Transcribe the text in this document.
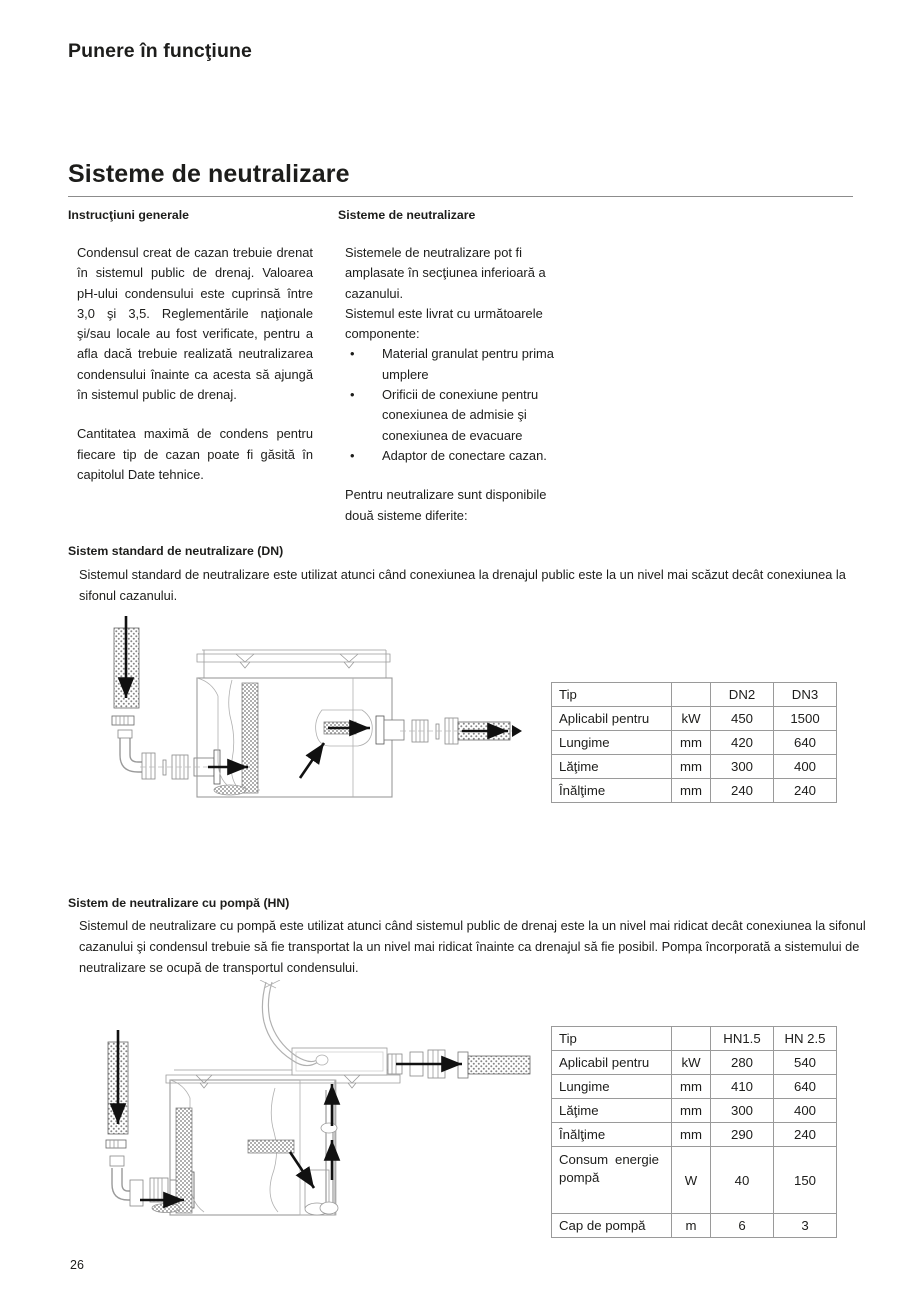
Punere în funcţiune
Sisteme de neutralizare
Instrucţiuni generale

Condensul creat de cazan trebuie drenat în sistemul public de drenaj. Valoarea pH-ului condensului este cuprinsă între 3,0 şi 3,5. Reglementările naţionale şi/sau locale au fost verificate, pentru a afla dacă trebuie realizată neutralizarea condensului înainte ca acesta să ajungă în sistemul public de drenaj.

Cantitatea maximă de condens pentru fiecare tip de cazan poate fi găsită în capitolul Date tehnice.

Sisteme de neutralizare

Sistemele de neutralizare pot fi amplasate în secţiunea inferioară a cazanului.

Sistemul este livrat cu următoarele componente:

• Material granulat pentru prima umplere
• Orificii de conexiune pentru conexiunea de admisie şi conexiunea de evacuare
• Adaptor de conectare cazan.

Pentru neutralizare sunt disponibile două sisteme diferite:

Sistem standard de neutralizare (DN)
Sistemul standard de neutralizare este utilizat atunci când conexiunea la drenajul public este la un nivel mai scăzut decât conexiunea la sifonul cazanului.
Tip		DN2	DN3
Aplicabil pentru	kW	450	1500
Lungime	mm	420	640
Lăţime	mm	300	400
Înălţime	mm	240	240
Sistem de neutralizare cu pompă (HN)
Sistemul de neutralizare cu pompă este utilizat atunci când sistemul public de drenaj este la un nivel mai ridicat decât conexiunea la sifonul cazanului şi condensul trebuie să fie transportat la un nivel mai ridicat înainte ca drenajul să fie posibil. Pompa încorporată a sistemului de neutralizare se ocupă de transportul condensului.
Tip		HN1.5	HN 2.5
Aplicabil pentru	kW	280	540
Lungime	mm	410	640
Lăţime	mm	300	400
Înălţime	mm	290	240

Consum energie
pompă	W	40	150
Cap de pompă	m	6	3
26
